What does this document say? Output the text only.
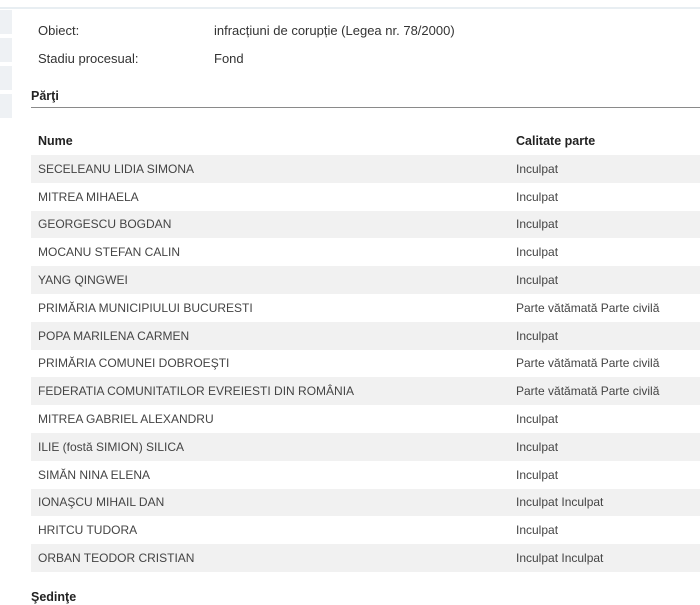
Obiect:	infracțiuni de corupție (Legea nr. 78/2000)
Stadiu procesual:	Fond
Părţi
Nume	Calitate parte
SECELEANU LIDIA SIMONA	Inculpat
MITREA MIHAELA	Inculpat
GEORGESCU BOGDAN	Inculpat
MOCANU STEFAN CALIN	Inculpat
YANG QINGWEI	Inculpat
PRIMĂRIA MUNICIPIULUI BUCURESTI	Parte vătămată Parte civilă
POPA MARILENA CARMEN	Inculpat
PRIMĂRIA COMUNEI DOBROEŞTI	Parte vătămată Parte civilă
FEDERATIA COMUNITATILOR EVREIESTI DIN ROMÂNIA	Parte vătămată Parte civilă
MITREA GABRIEL ALEXANDRU	Inculpat
ILIE (fostă SIMION) SILICA	Inculpat
SIMĂN NINA ELENA	Inculpat
IONAŞCU MIHAIL DAN	Inculpat Inculpat
HRITCU TUDORA	Inculpat
ORBAN TEODOR CRISTIAN	Inculpat Inculpat
Şedinţe
